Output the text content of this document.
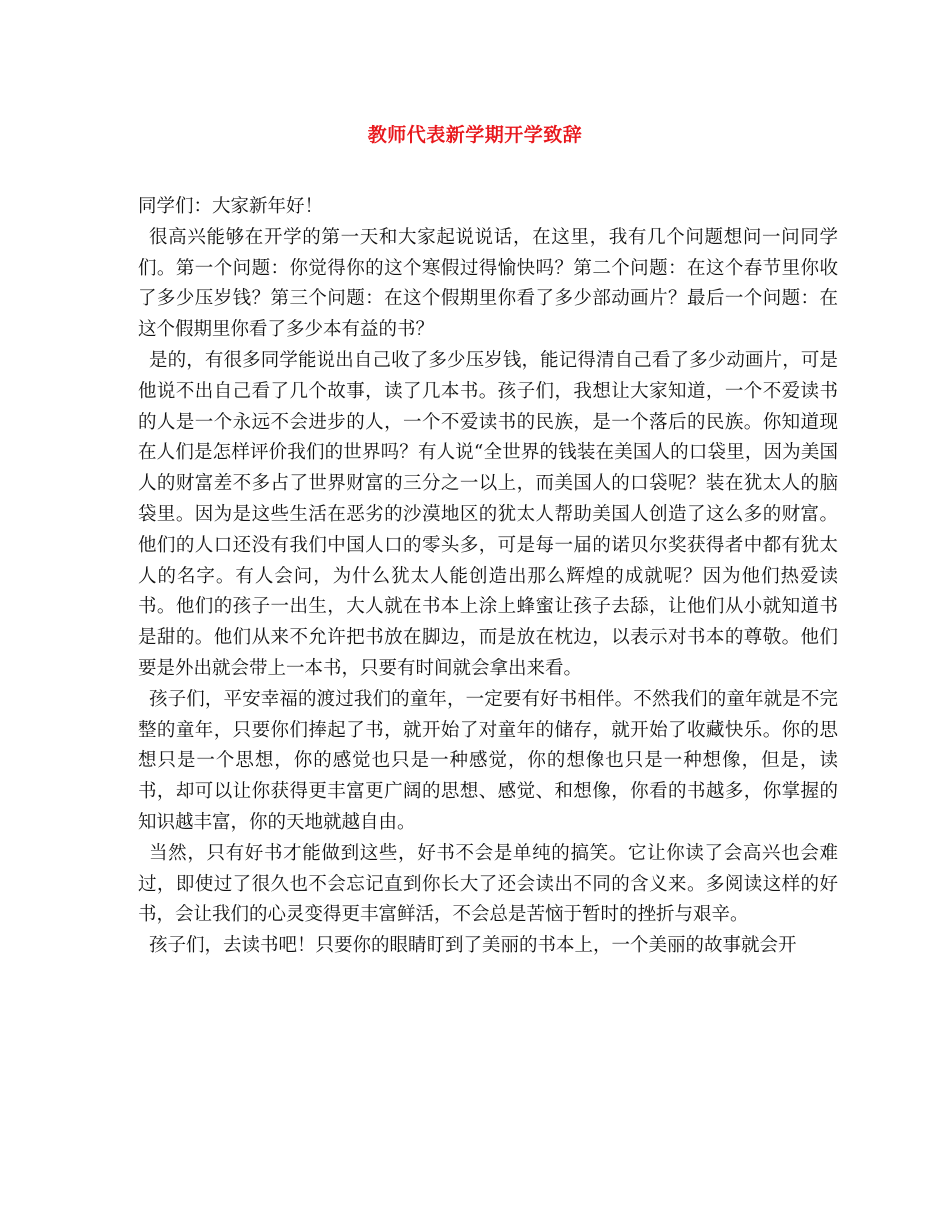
教师代表新学期开学致辞

同学们：大家新年好！

很高兴能够在开学的第一天和大家起说说话，在这里，我有几个问题想问一问同学们。第一个问题：你觉得你的这个寒假过得愉快吗？第二个问题：在这个春节里你收了多少压岁钱？第三个问题：在这个假期里你看了多少部动画片？最后一个问题：在这个假期里你看了多少本有益的书？

是的，有很多同学能说出自己收了多少压岁钱，能记得清自己看了多少动画片，可是他说不出自己看了几个故事，读了几本书。孩子们，我想让大家知道，一个不爱读书的人是一个永远不会进步的人，一个不爱读书的民族，是一个落后的民族。你知道现在人们是怎样评价我们的世界吗？有人说“全世界的钱装在美国人的口袋里，因为美国人的财富差不多占了世界财富的三分之一以上，而美国人的口袋呢？装在犹太人的脑袋里。因为是这些生活在恶劣的沙漠地区的犹太人帮助美国人创造了这么多的财富。他们的人口还没有我们中国人口的零头多，可是每一届的诺贝尔奖获得者中都有犹太人的名字。有人会问，为什么犹太人能创造出那么辉煌的成就呢？因为他们热爱读书。他们的孩子一出生，大人就在书本上涂上蜂蜜让孩子去舔，让他们从小就知道书是甜的。他们从来不允许把书放在脚边，而是放在枕边，以表示对书本的尊敬。他们要是外出就会带上一本书，只要有时间就会拿出来看。

孩子们，平安幸福的渡过我们的童年，一定要有好书相伴。不然我们的童年就是不完整的童年，只要你们捧起了书，就开始了对童年的储存，就开始了收藏快乐。你的思想只是一个思想，你的感觉也只是一种感觉，你的想像也只是一种想像，但是，读书，却可以让你获得更丰富更广阔的思想、感觉、和想像，你看的书越多，你掌握的知识越丰富，你的天地就越自由。

当然，只有好书才能做到这些，好书不会是单纯的搞笑。它让你读了会高兴也会难过，即使过了很久也不会忘记直到你长大了还会读出不同的含义来。多阅读这样的好书，会让我们的心灵变得更丰富鲜活，不会总是苦恼于暂时的挫折与艰辛。

孩子们，去读书吧！只要你的眼睛盯到了美丽的书本上，一个美丽的故事就会开
